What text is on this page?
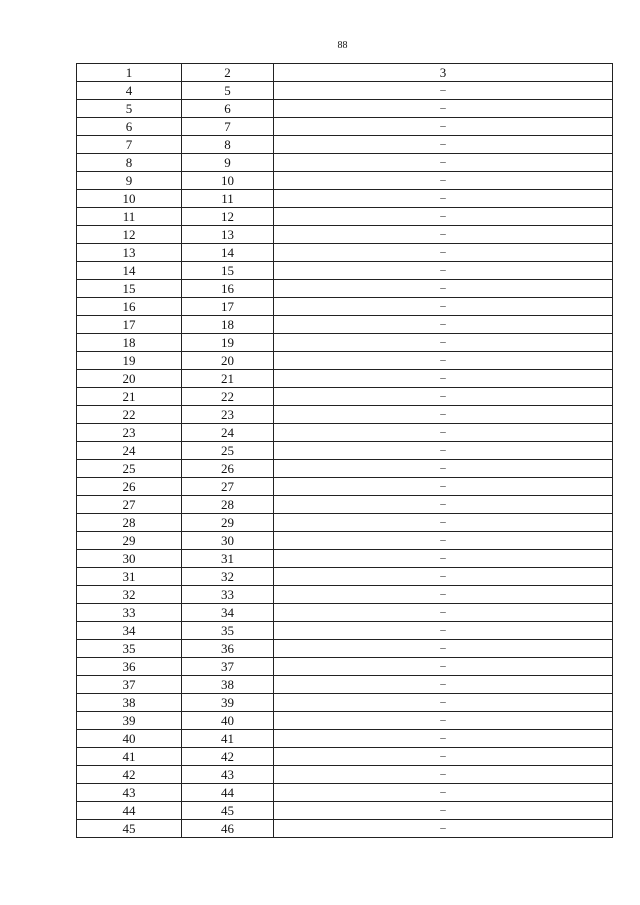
88
1	2	3
4	5	–
5	6	–
6	7	–
7	8	–
8	9	–
9	10	–
10	11	–
11	12	–
12	13	–
13	14	–
14	15	–
15	16	–
16	17	–
17	18	–
18	19	–
19	20	–
20	21	–
21	22	–
22	23	–
23	24	–
24	25	–
25	26	–
26	27	–
27	28	–
28	29	–
29	30	–
30	31	–
31	32	–
32	33	–
33	34	–
34	35	–
35	36	–
36	37	–
37	38	–
38	39	–
39	40	–
40	41	–
41	42	–
42	43	–
43	44	–
44	45	–
45	46	–
